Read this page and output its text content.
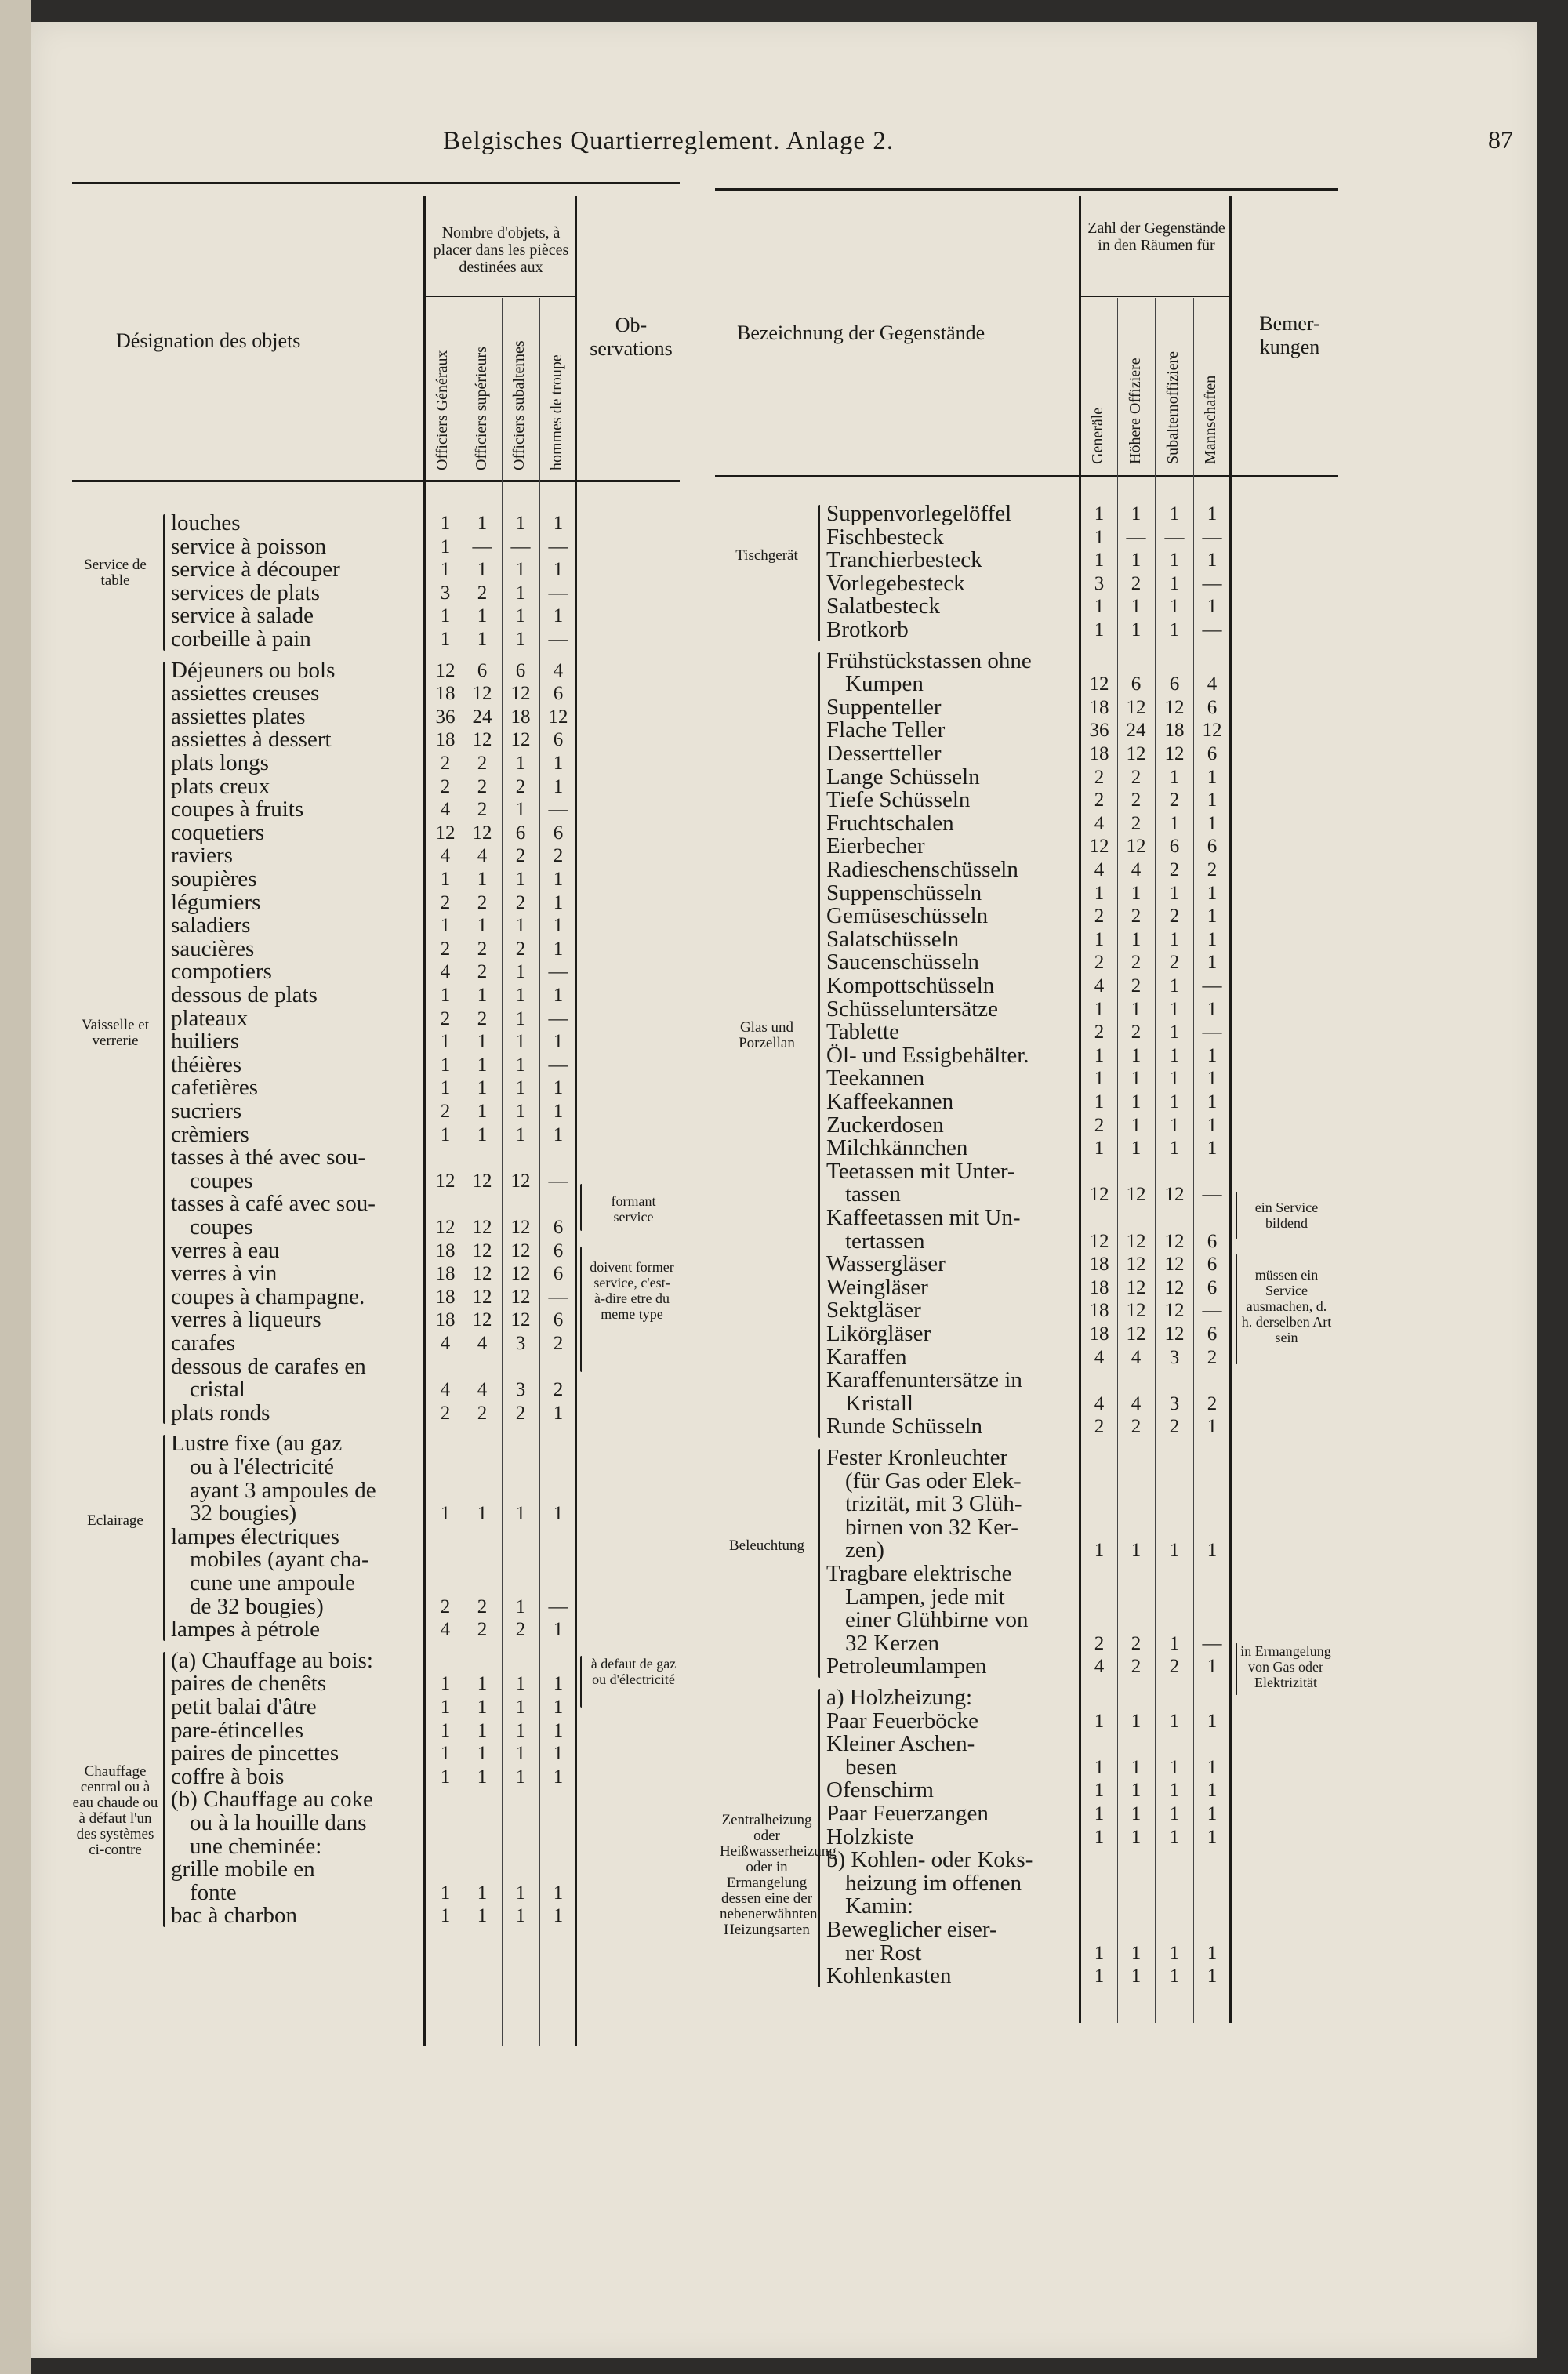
Belgisches Quartierreglement. Anlage 2.	87
Désignation des objets
Nombre d'objets, à placer dans les pièces destinées aux
Officiers Généraux Officiers supérieurs Officiers subalternes hommes de troupe
Ob-servations
Bezeichnung der Gegenstände
Zahl der Gegenstände in den Räumen für
Generäle Höhere Offiziere Subalternoffiziere Mannschaften
Bemer-kungen
louches	1	1	1	1
service à poisson	1	— — —
service à découper	1	1	1	1
services de plats	3	2	1	—
service à salade	1	1	1	1
corbeille à pain	1	1	1	—
Service de table
Déjeuners ou bols	12	6	6	4
assiettes creuses	18 12 12	6
assiettes plates	36 24 18 12
assiettes à dessert	18 12 12	6
plats longs	2	2	1	1
plats creux	2	2	2	1
coupes à fruits	4	2	1	—
coquetiers	12 12	6	6
raviers	4	4	2	2
soupières	1	1	1	1
légumiers	2	2	2	1
saladiers	1	1	1	1
saucières	2	2	2	1
compotiers	4	2	1	—
dessous de plats	1	1	1	1
plateaux	2	2	1	—
huiliers	1	1	1	1
théières	1	1	1	—
cafetières	1	1	1	1
sucriers	2	1	1	1
crèmiers	1	1	1	1
tasses à thé avec sou-
coupes	12 12 12 —
tasses à café avec sou-
coupes	12 12 12	6
verres à eau	18 12 12	6
verres à vin	18 12 12	6
coupes à champagne.	18 12 12 —
verres à liqueurs	18 12 12	6
carafes	4	4	3	2
dessous de carafes en
cristal	4	4	3	2
plats ronds	2	2	2	1
Vaisselle et verrerie
Lustre fixe (au gaz
ou à l'électricité
ayant 3 ampoules de
32 bougies)	1	1	1	1
lampes électriques
mobiles (ayant cha-
cune une ampoule
de 32 bougies)	2	2	1	—
lampes à pétrole	4	2	2	1
Eclairage
(a) Chauffage au bois:
paires de chenêts	1	1	1	1
petit balai d'âtre	1	1	1	1
pare-étincelles	1	1	1	1
paires de pincettes	1	1	1	1
coffre à bois	1	1	1	1
(b) Chauffage au coke
ou à la houille dans
une cheminée:
grille mobile en
fonte	1	1	1	1
bac à charbon	1	1	1	1
Chauffage central ou à eau chaude ou à défaut l'un des systèmes ci-contre
Suppenvorlegelöffel	1	1	1	1
Fischbesteck	1	— — —
Tranchierbesteck	1	1	1	1
Vorlegebesteck	3	2	1	—
Salatbesteck	1	1	1	1
Brotkorb	1	1	1	—
Tischgerät
Frühstückstassen ohne
Kumpen	12	6	6	4
Suppenteller	18 12 12	6
Flache Teller	36 24 18 12
Dessertteller	18 12 12	6
Lange Schüsseln	2	2	1	1
Tiefe Schüsseln	2	2	2	1
Fruchtschalen	4	2	1	1
Eierbecher	12 12	6	6
Radieschenschüsseln	4	4	2	2
Suppenschüsseln	1	1	1	1
Gemüseschüsseln	2	2	2	1
Salatschüsseln	1	1	1	1
Saucenschüsseln	2	2	2	1
Kompottschüsseln	4	2	1	—
Schüsseluntersätze	1	1	1	1
Tablette	2	2	1	—
Öl- und Essigbehälter.	1	1	1	1
Teekannen	1	1	1	1
Kaffeekannen	1	1	1	1
Zuckerdosen	2	1	1	1
Milchkännchen	1	1	1	1
Teetassen mit Unter-
tassen	12 12 12 —
Kaffeetassen mit Un-
tertassen	12 12 12	6
Wassergläser	18 12 12	6
Weingläser	18 12 12	6
Sektgläser	18 12 12 —
Likörgläser	18 12 12	6
Karaffen	4	4	3	2
Karaffenuntersätze in
Kristall	4	4	3	2
Runde Schüsseln	2	2	2	1
Glas und Porzellan
Fester Kronleuchter
(für Gas oder Elek-
trizität, mit 3 Glüh-
birnen von 32 Ker-
zen)	1	1	1	1
Tragbare elektrische
Lampen, jede mit
einer Glühbirne von
32 Kerzen	2	2	1	—
Petroleumlampen	4	2	2	1
Beleuchtung
a) Holzheizung:
Paar Feuerböcke	1	1	1	1
Kleiner Aschen-
besen	1	1	1	1
Ofenschirm	1	1	1	1
Paar Feuerzangen	1	1	1	1
Holzkiste	1	1	1	1
b) Kohlen- oder Koks-
heizung im offenen
Kamin:
Beweglicher eiser-
ner Rost	1	1	1	1
Kohlenkasten	1	1	1	1
Zentralheizung oder Heißwasserheizung oder in Ermangelung dessen eine der nebenerwähnten Heizungsarten
formant service
doivent former service, c'est-à-dire etre du meme type
à defaut de gaz ou d'électricité
ein Service bildend
müssen ein Service ausmachen, d. h. derselben Art sein
in Ermangelung von Gas oder Elektrizität
